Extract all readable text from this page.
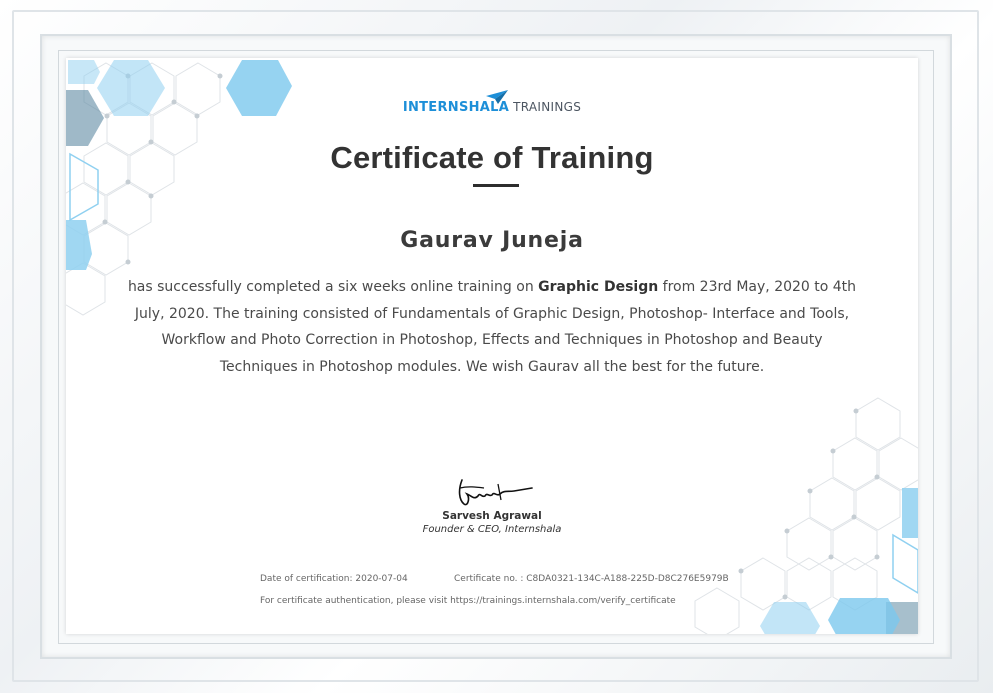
INTERNSHALA TRAININGS
Certificate of Training
Gaurav Juneja
has successfully completed a six weeks online training on Graphic Design from 23rd May, 2020 to 4th July, 2020. The training consisted of Fundamentals of Graphic Design, Photoshop- Interface and Tools, Workflow and Photo Correction in Photoshop, Effects and Techniques in Photoshop and Beauty Techniques in Photoshop modules. We wish Gaurav all the best for the future.
Sarvesh Agrawal
Founder & CEO, Internshala
Date of certification: 2020-07-04	Certificate no. : C8DA0321-134C-A188-225D-D8C276E5979B
For certificate authentication, please visit https://trainings.internshala.com/verify_certificate
